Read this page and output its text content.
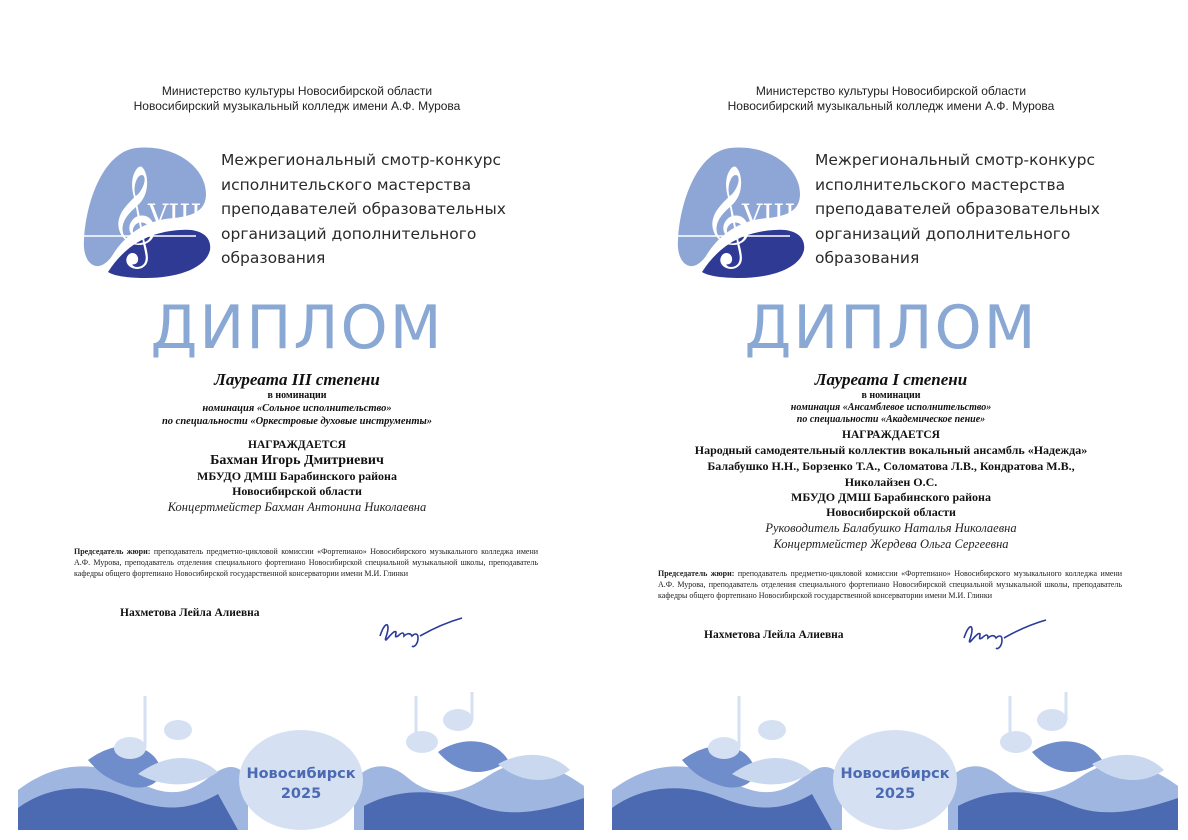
Министерство культуры Новосибирской области
Новосибирский музыкальный колледж имени А.Ф. Мурова
𝄞
VIII
Межрегиональный смотр-конкурс
исполнительского мастерства
преподавателей образовательных
организаций дополнительного
образования
ДИПЛОМ
Лауреата III степени
в номинации
номинация «Сольное исполнительство»
по специальности «Оркестровые духовые инструменты»
НАГРАЖДАЕТСЯ
Бахман Игорь Дмитриевич
МБУДО ДМШ Барабинского района
Новосибирской области
Концертмейстер Бахман Антонина Николаевна
Председатель жюри: преподаватель предметно-цикловой комиссии «Фортепиано» Новосибирского музыкального колледжа имени А.Ф. Мурова, преподаватель отделения специального фортепиано Новосибирской специальной музыкальной школы, преподаватель кафедры общего фортепиано Новосибирской государственной консерватории имени М.И. Глинки
Нахметова Лейла Алиевна
Новосибирск
2025
Министерство культуры Новосибирской области
Новосибирский музыкальный колледж имени А.Ф. Мурова
𝄞
VIII
Межрегиональный смотр-конкурс
исполнительского мастерства
преподавателей образовательных
организаций дополнительного
образования
ДИПЛОМ
Лауреата I степени
в номинации
номинация «Ансамблевое исполнительство»
по специальности «Академическое пение»
НАГРАЖДАЕТСЯ
Народный самодеятельный коллектив вокальный ансамбль «Надежда»
Балабушко Н.Н., Борзенко Т.А., Соломатова Л.В., Кондратова М.В.,
Николайзен О.С.
МБУДО ДМШ Барабинского района
Новосибирской области
Руководитель Балабушко Наталья Николаевна
Концертмейстер Жердева Ольга Сергеевна
Председатель жюри: преподаватель предметно-цикловой комиссии «Фортепиано» Новосибирского музыкального колледжа имени А.Ф. Мурова, преподаватель отделения специального фортепиано Новосибирской специальной музыкальной школы, преподаватель кафедры общего фортепиано Новосибирской государственной консерватории имени М.И. Глинки
Нахметова Лейла Алиевна
Новосибирск
2025
